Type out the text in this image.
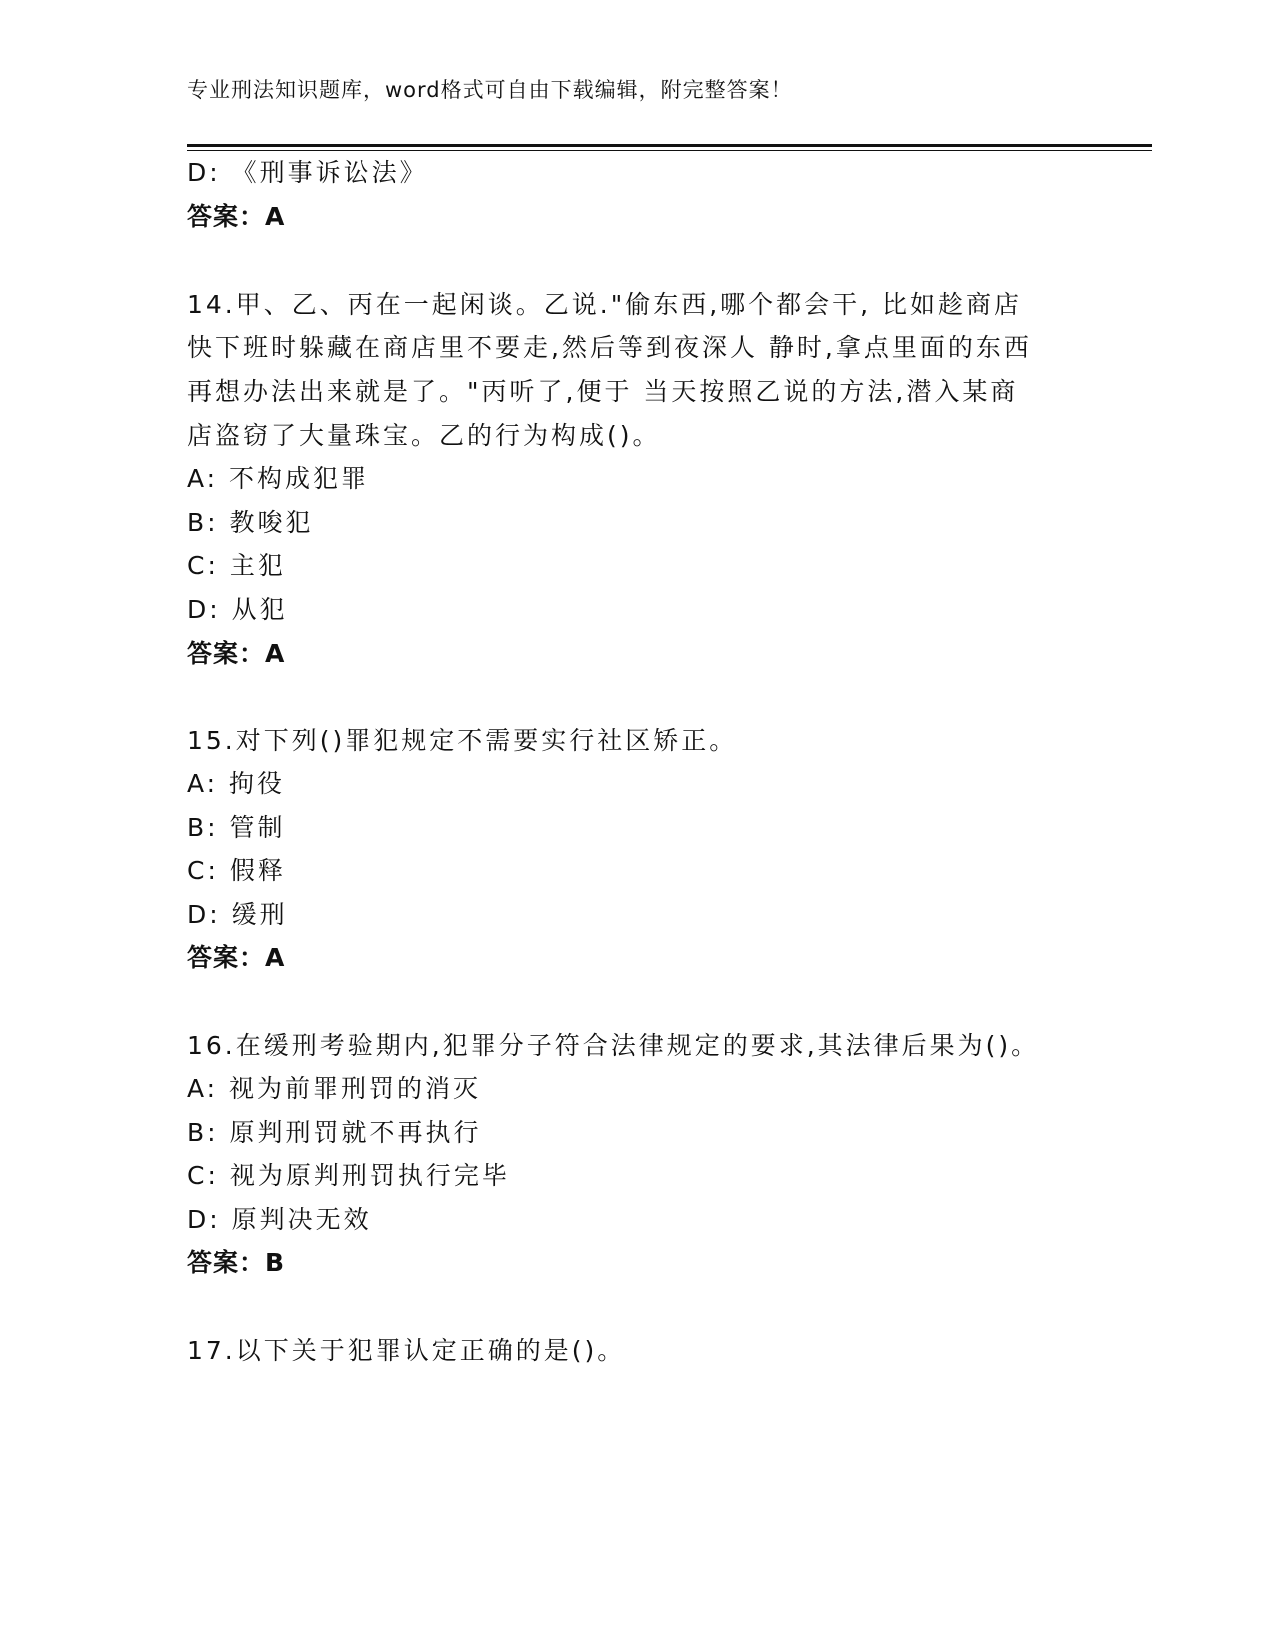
专业刑法知识题库，word格式可自由下载编辑，附完整答案！
D: 《刑事诉讼法》
答案：A
14.甲、乙、丙在一起闲谈。乙说."偷东西,哪个都会干, 比如趁商店
快下班时躲藏在商店里不要走,然后等到夜深人 静时,拿点里面的东西
再想办法出来就是了。"丙听了,便于 当天按照乙说的方法,潜入某商
店盗窃了大量珠宝。乙的行为构成()。
A: 不构成犯罪
B: 教唆犯
C: 主犯
D: 从犯
答案：A
15.对下列()罪犯规定不需要实行社区矫正。
A: 拘役
B: 管制
C: 假释
D: 缓刑
答案：A
16.在缓刑考验期内,犯罪分子符合法律规定的要求,其法律后果为()。
A: 视为前罪刑罚的消灭
B: 原判刑罚就不再执行
C: 视为原判刑罚执行完毕
D: 原判决无效
答案：B
17.以下关于犯罪认定正确的是()。
